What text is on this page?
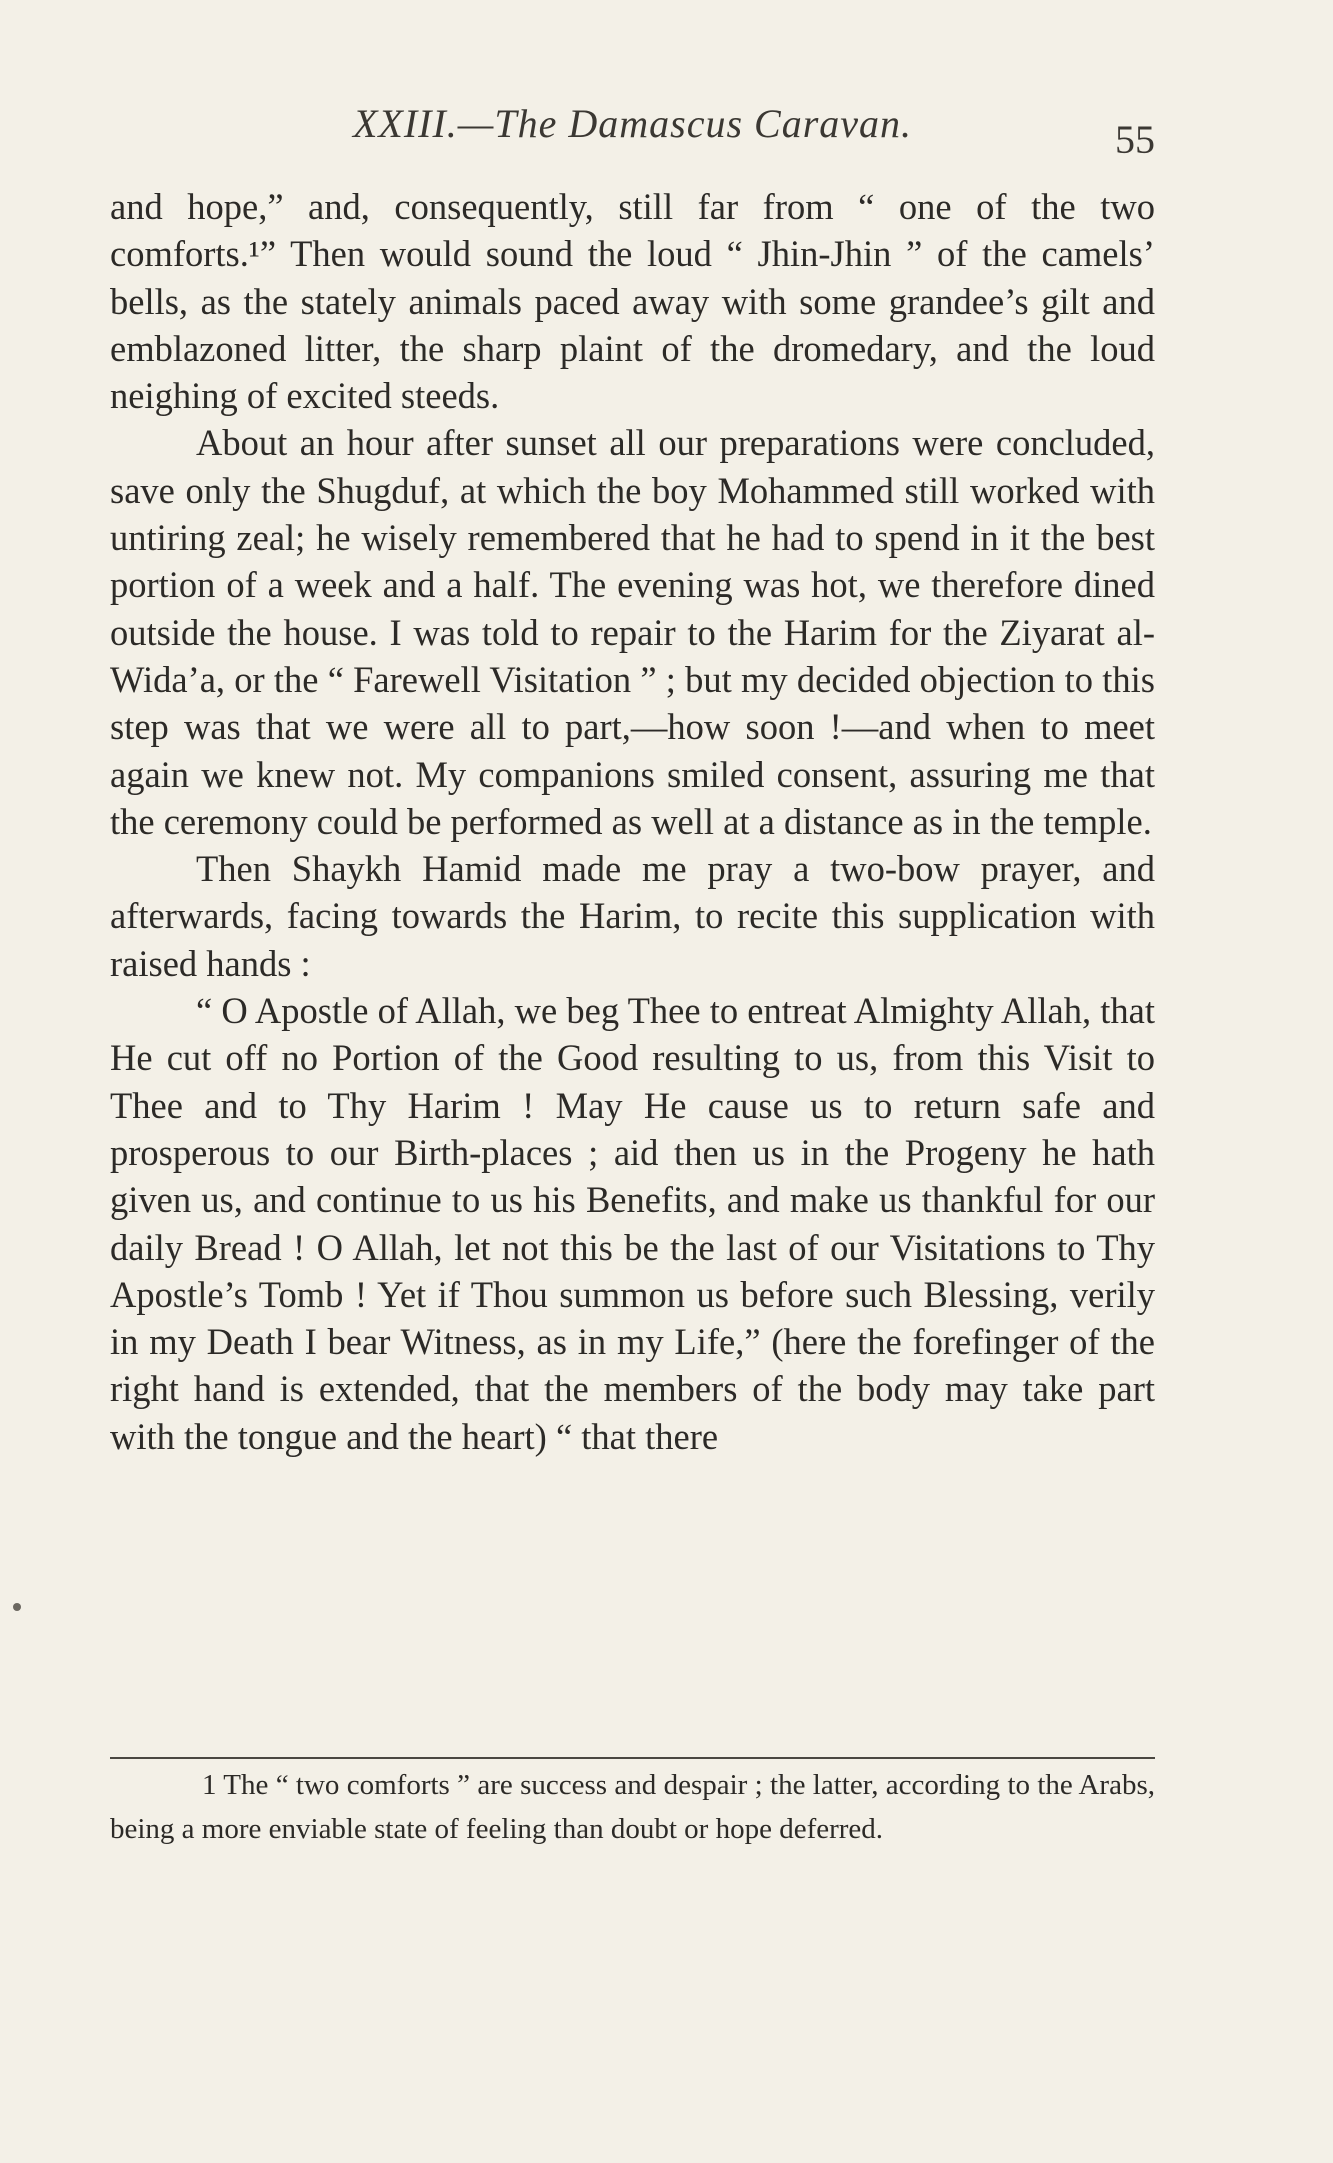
XXIII.—The Damascus Caravan.	55

and hope,” and, consequently, still far from “ one of the two comforts.¹” Then would sound the loud “ Jhin-Jhin ” of the camels’ bells, as the stately animals paced away with some grandee’s gilt and emblazoned litter, the sharp plaint of the dromedary, and the loud neighing of excited steeds.

About an hour after sunset all our preparations were concluded, save only the Shugduf, at which the boy Mohammed still worked with untiring zeal; he wisely remembered that he had to spend in it the best portion of a week and a half. The evening was hot, we therefore dined outside the house. I was told to repair to the Harim for the Ziyarat al-Wida’a, or the “ Farewell Visitation ” ; but my decided objection to this step was that we were all to part,—how soon !—and when to meet again we knew not. My companions smiled consent, assuring me that the ceremony could be performed as well at a distance as in the temple.

Then Shaykh Hamid made me pray a two-bow prayer, and afterwards, facing towards the Harim, to recite this supplication with raised hands :

“ O Apostle of Allah, we beg Thee to entreat Almighty Allah, that He cut off no Portion of the Good resulting to us, from this Visit to Thee and to Thy Harim ! May He cause us to return safe and prosperous to our Birth-places ; aid then us in the Progeny he hath given us, and continue to us his Benefits, and make us thankful for our daily Bread ! O Allah, let not this be the last of our Visitations to Thy Apostle’s Tomb ! Yet if Thou summon us before such Blessing, verily in my Death I bear Witness, as in my Life,” (here the forefinger of the right hand is extended, that the members of the body may take part with the tongue and the heart) “ that there

1 The “ two comforts ” are success and despair ; the latter, according to the Arabs, being a more enviable state of feeling than doubt or hope deferred.
